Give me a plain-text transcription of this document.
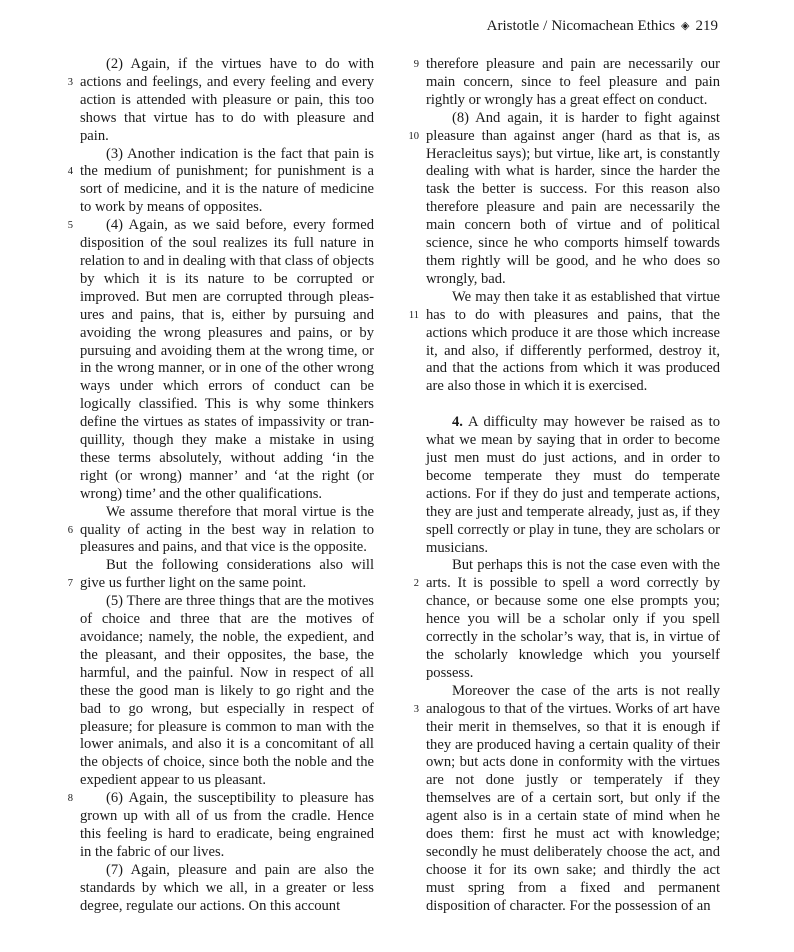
Aristotle / Nicomachean Ethics ◈ 219

3
(2) Again, if the virtues have to do with actions and feelings, and every feeling and every action is attended with pleasure or pain, this too shows that virtue has to do with pleasure and pain.

4
(3) Another indication is the fact that pain is the medium of punishment; for punishment is a sort of medicine, and it is the nature of medicine to work by means of opposites.

5 (4) Again, as we said before, every formed disposition of the soul realizes its full nature in relation to and in dealing with that class of objects by which it is its nature to be corrupted or improved. But men are corrupted through pleasures and pains, that is, either by pursuing and avoiding the wrong pleasures and pains, or by pursuing and avoiding them at the wrong time, or in the wrong manner, or in one of the other wrong ways under which errors of conduct can be logically classified. This is why some thinkers define the virtues as states of impassivity or tranquillity, though they make a mistake in using these terms absolutely, without adding ‘in the right (or wrong) manner’ and ‘at the right (or wrong) time’ and the other qualifications.

6
We assume therefore that moral virtue is the quality of acting in the best way in relation to pleasures and pains, and that vice is the opposite.

7
But the following considerations also will give us further light on the same point.

(5) There are three things that are the motives of choice and three that are the motives of avoidance; namely, the noble, the expedient, and the pleasant, and their opposites, the base, the harmful, and the painful. Now in respect of all these the good man is likely to go right and the bad to go wrong, but especially in respect of pleasure; for pleasure is common to man with the lower animals, and also it is a concomitant of all the objects of choice, since both the noble and the expedient appear to us pleasant.

8 (6) Again, the susceptibility to pleasure has grown up with all of us from the cradle. Hence this feeling is hard to eradicate, being engrained in the fabric of our lives.

(7) Again, pleasure and pain are also the standards by which we all, in a greater or less degree, regulate our actions. On this account

9 therefore pleasure and pain are necessarily our main concern, since to feel pleasure and pain rightly or wrongly has a great effect on conduct.

10
(8) And again, it is harder to fight against pleasure than against anger (hard as that is, as Heracleitus says); but virtue, like art, is constantly dealing with what is harder, since the harder the task the better is success. For this reason also therefore pleasure and pain are necessarily the main concern both of virtue and of political science, since he who comports himself towards them rightly will be good, and he who does so wrongly, bad.

11
We may then take it as established that virtue has to do with pleasures and pains, that the actions which produce it are those which increase it, and also, if differently performed, destroy it, and that the actions from which it was produced are also those in which it is exercised.

4. A difficulty may however be raised as to what we mean by saying that in order to become just men must do just actions, and in order to become temperate they must do temperate actions. For if they do just and temperate actions, they are just and temperate already, just as, if they spell correctly or play in tune, they are scholars or musicians.

2
But perhaps this is not the case even with the arts. It is possible to spell a word correctly by chance, or because some one else prompts you; hence you will be a scholar only if you spell correctly in the scholar’s way, that is, in virtue of the scholarly knowledge which you yourself possess.

3
Moreover the case of the arts is not really analogous to that of the virtues. Works of art have their merit in themselves, so that it is enough if they are produced having a certain quality of their own; but acts done in conformity with the virtues are not done justly or temperately if they themselves are of a certain sort, but only if the agent also is in a certain state of mind when he does them: first he must act with knowledge; secondly he must deliberately choose the act, and choose it for its own sake; and thirdly the act must spring from a fixed and permanent disposition of character. For the possession of an
